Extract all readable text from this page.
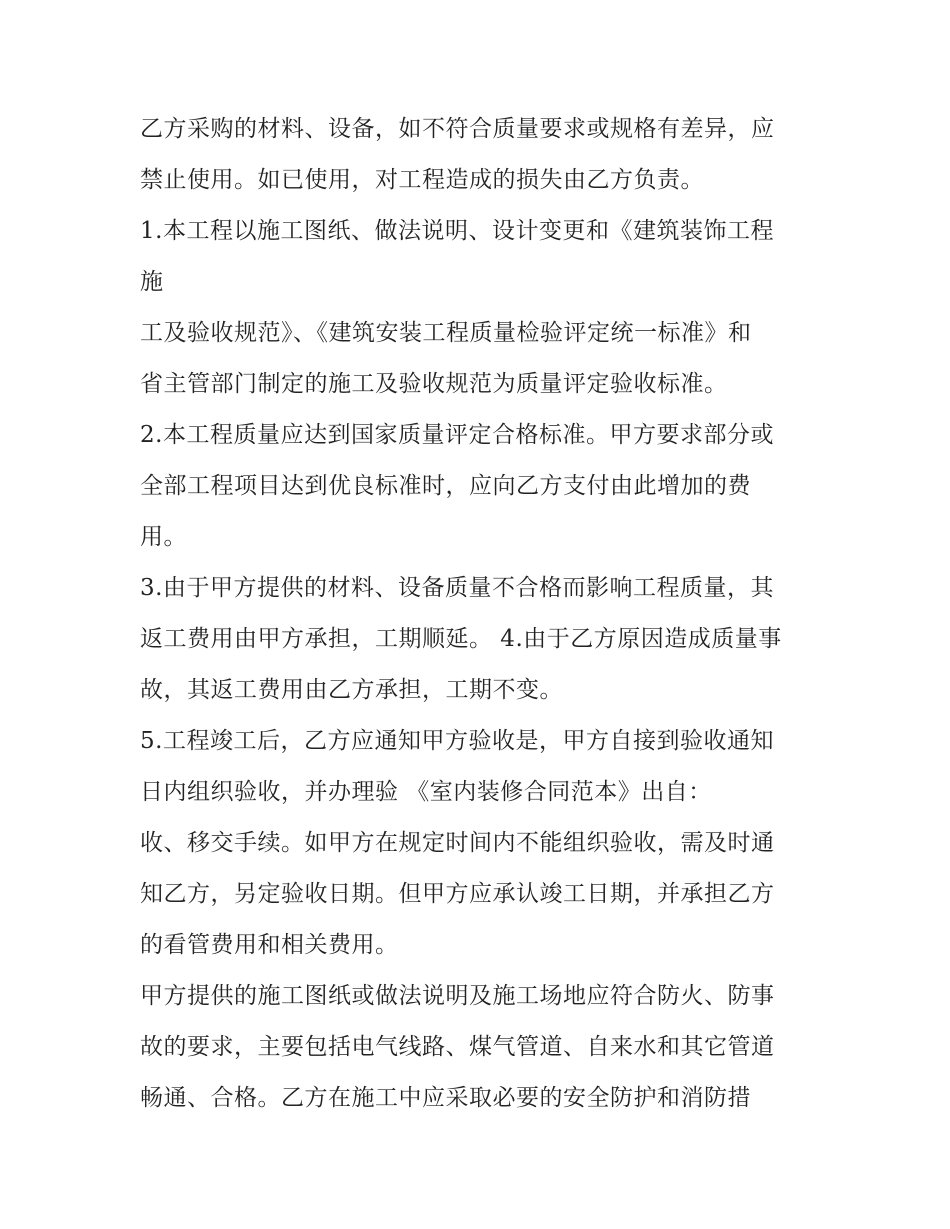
乙方采购的材料、设备，如不符合质量要求或规格有差异，应
禁止使用。如已使用，对工程造成的损失由乙方负责。
1.本工程以施工图纸、做法说明、设计变更和《建筑装饰工程
施
工及验收规范》、《建筑安装工程质量检验评定统一标准》和
省主管部门制定的施工及验收规范为质量评定验收标准。
2.本工程质量应达到国家质量评定合格标准。甲方要求部分或
全部工程项目达到优良标准时，应向乙方支付由此增加的费
用。
3.由于甲方提供的材料、设备质量不合格而影响工程质量，其
返工费用由甲方承担，工期顺延。 4.由于乙方原因造成质量事
故，其返工费用由乙方承担，工期不变。
5.工程竣工后，乙方应通知甲方验收是，甲方自接到验收通知
日内组织验收，并办理验 《室内装修合同范本》出自：
收、移交手续。如甲方在规定时间内不能组织验收，需及时通
知乙方，另定验收日期。但甲方应承认竣工日期，并承担乙方
的看管费用和相关费用。
甲方提供的施工图纸或做法说明及施工场地应符合防火、防事
故的要求，主要包括电气线路、煤气管道、自来水和其它管道
畅通、合格。乙方在施工中应采取必要的安全防护和消防措
